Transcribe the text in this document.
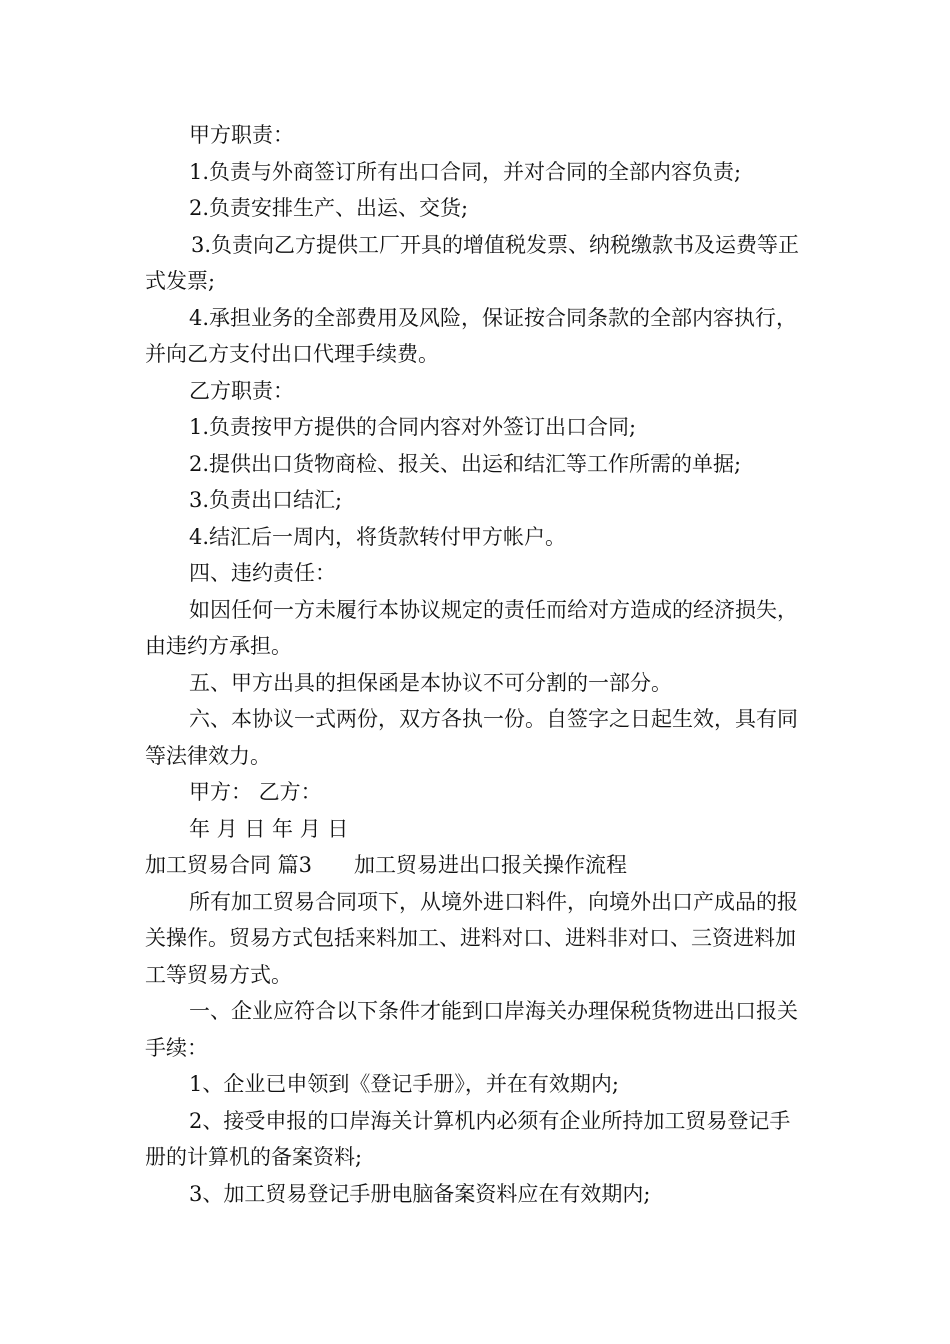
甲方职责：

1.负责与外商签订所有出口合同，并对合同的全部内容负责;

2.负责安排生产、出运、交货;

3.负责向乙方提供工厂开具的增值税发票、纳税缴款书及运费等正式发票;

4.承担业务的全部费用及风险，保证按合同条款的全部内容执行，并向乙方支付出口代理手续费。

乙方职责：

1.负责按甲方提供的合同内容对外签订出口合同;

2.提供出口货物商检、报关、出运和结汇等工作所需的单据;

3.负责出口结汇;

4.结汇后一周内，将货款转付甲方帐户。

四、违约责任：

如因任何一方未履行本协议规定的责任而给对方造成的经济损失，由违约方承担。

五、甲方出具的担保函是本协议不可分割的一部分。

六、本协议一式两份，双方各执一份。自签字之日起生效，具有同等法律效力。

甲方： 乙方：

年 月 日 年 月 日

加工贸易合同 篇3　　加工贸易进出口报关操作流程

所有加工贸易合同项下，从境外进口料件，向境外出口产成品的报关操作。贸易方式包括来料加工、进料对口、进料非对口、三资进料加工等贸易方式。

一、企业应符合以下条件才能到口岸海关办理保税货物进出口报关手续：

1、企业已申领到《登记手册》，并在有效期内;

2、接受申报的口岸海关计算机内必须有企业所持加工贸易登记手册的计算机的备案资料;

3、加工贸易登记手册电脑备案资料应在有效期内;
